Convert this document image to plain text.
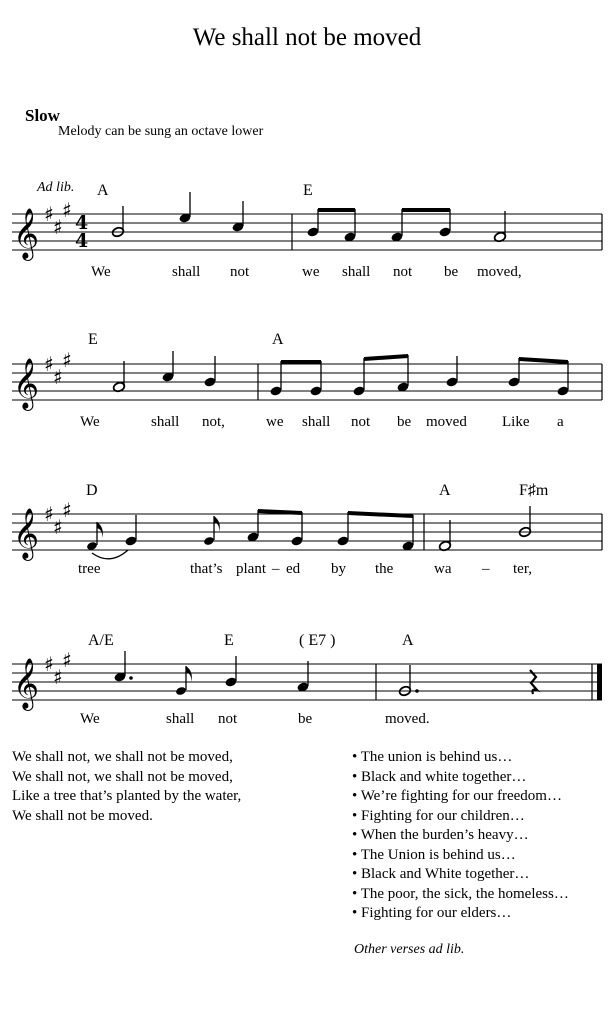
We shall not be moved
Slow
Melody can be sung an octave lower
Ad lib. A	E
𝄞 ♯
♯
♯
4
4
We	shall not	we shall not be moved,
E	A
𝄞 ♯
♯
♯
We	shall not,	we shall not be moved Like a
D	A	F♯m
𝄞 ♯
♯
♯
tree	that’s plant – ed by the	wa – ter,
A/E	E	( E7 )	A
𝄞 ♯
♯
♯
We	shall not	be	moved.
We shall not, we shall not be moved,
We shall not, we shall not be moved,
Like a tree that’s planted by the water,
We shall not be moved.
• The union is behind us…
• Black and white together…
• We’re fighting for our freedom…
• Fighting for our children…
• When the burden’s heavy…
• The Union is behind us…
• Black and White together…
• The poor, the sick, the homeless…
• Fighting for our elders…
Other verses ad lib.
